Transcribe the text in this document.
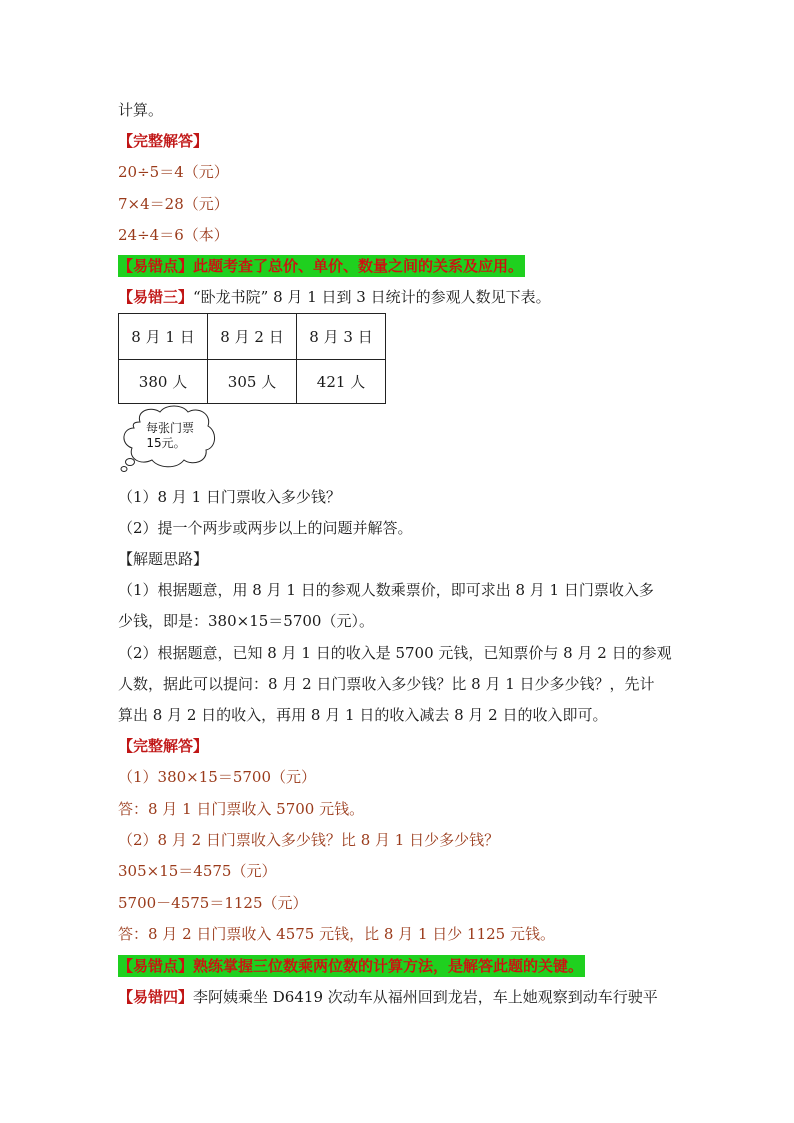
计算。
【完整解答】
20÷5＝4（元）
7×4＝28（元）
24÷4＝6（本）
【易错点】此题考查了总价、单价、数量之间的关系及应用。
【易错三】“卧龙书院” 8 月 1 日到 3 日统计的参观人数见下表。
8 月 1 日	8 月 2 日	8 月 3 日
380 人	305 人	421 人
（1）8 月 1 日门票收入多少钱？
（2）提一个两步或两步以上的问题并解答。
【解题思路】
（1）根据题意，用 8 月 1 日的参观人数乘票价，即可求出 8 月 1 日门票收入多
少钱，即是：380×15＝5700（元）。
（2）根据题意，已知 8 月 1 日的收入是 5700 元钱，已知票价与 8 月 2 日的参观
人数，据此可以提问：8 月 2 日门票收入多少钱？比 8 月 1 日少多少钱？，先计
算出 8 月 2 日的收入，再用 8 月 1 日的收入减去 8 月 2 日的收入即可。
【完整解答】
（1）380×15＝5700（元）
答：8 月 1 日门票收入 5700 元钱。
（2）8 月 2 日门票收入多少钱？比 8 月 1 日少多少钱？
305×15＝4575（元）
5700－4575＝1125（元）
答：8 月 2 日门票收入 4575 元钱，比 8 月 1 日少 1125 元钱。
【易错点】熟练掌握三位数乘两位数的计算方法，是解答此题的关键。
【易错四】李阿姨乘坐 D6419 次动车从福州回到龙岩，车上她观察到动车行驶平
每张门票
15元。
